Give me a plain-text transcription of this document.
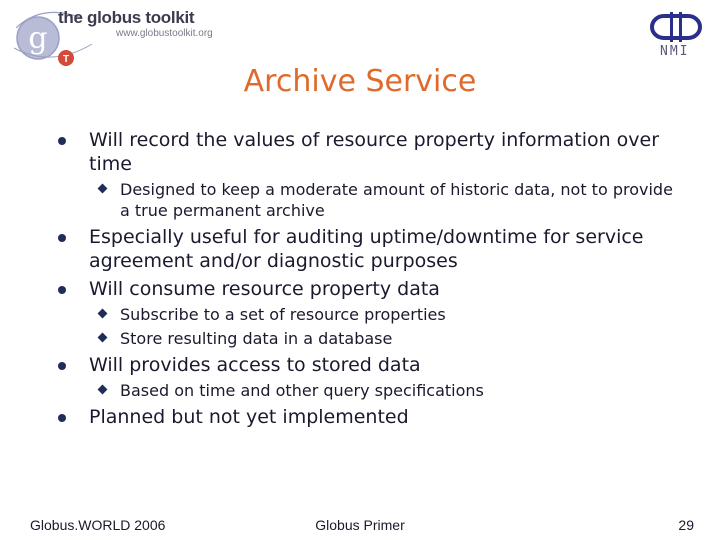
g
T
the globus toolkit
www.globustoolkit.org
NMI
Archive Service
Will record the values of resource property information over time
Designed to keep a moderate amount of historic data, not to provide a true permanent archive
Especially useful for auditing uptime/downtime for service agreement and/or diagnostic purposes
Will consume resource property data
Subscribe to a set of resource properties
Store resulting data in a database
Will provides access to stored data
Based on time and other query specifications
Planned but not yet implemented
Globus.WORLD 2006	Globus Primer	29
